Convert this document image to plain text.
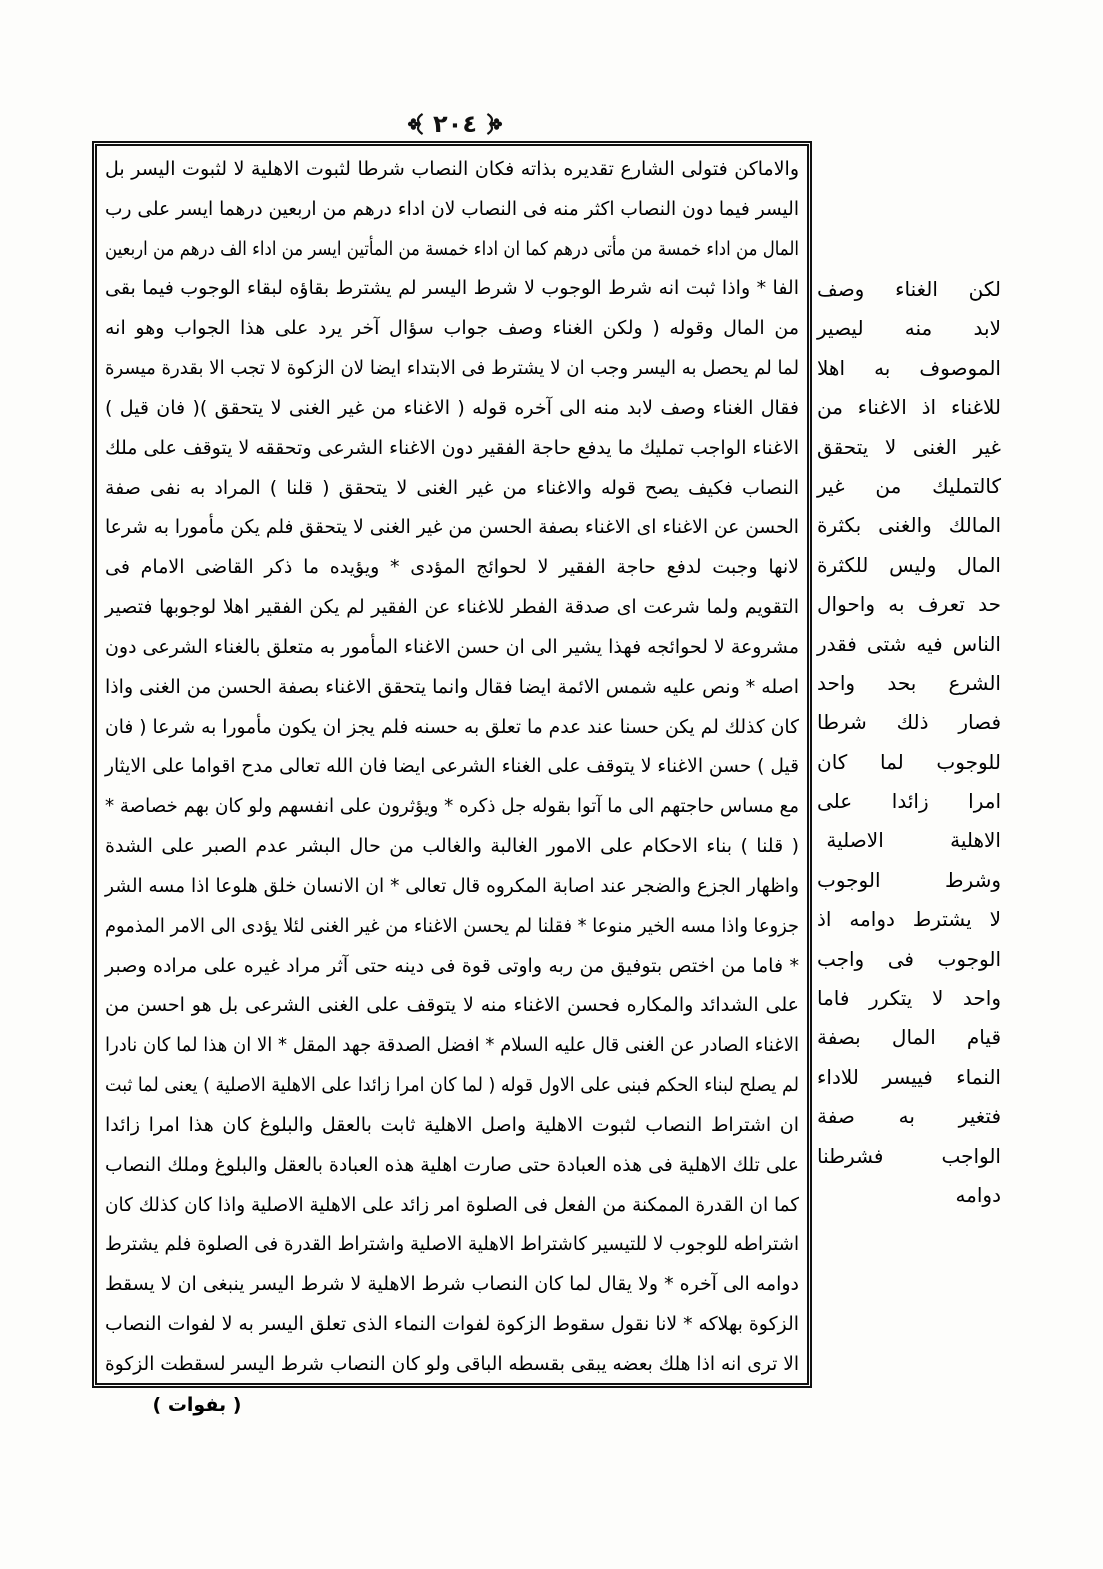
٢٠٤
والاماكن فتولى الشارع تقديره بذاته فكان النصاب شرطا لثبوت الاهلية لا لثبوت اليسر بل
اليسر فيما دون النصاب اكثر منه فى النصاب لان اداء درهم من اربعين درهما ايسر على رب
المال من اداء خمسة من مأتى درهم كما ان اداء خمسة من المأتين ايسر من اداء الف درهم من اربعين
الفا * واذا ثبت انه شرط الوجوب لا شرط اليسر لم يشترط بقاؤه لبقاء الوجوب فيما بقى
من المال وقوله ( ولكن الغناء وصف جواب سؤال آخر يرد على هذا الجواب وهو انه
لما لم يحصل به اليسر وجب ان لا يشترط فى الابتداء ايضا لان الزكوة لا تجب الا بقدرة ميسرة
فقال الغناء وصف لابد منه الى آخره قوله ( الاغناء من غير الغنى لا يتحقق )( فان قيل )
الاغناء الواجب تمليك ما يدفع حاجة الفقير دون الاغناء الشرعى وتحققه لا يتوقف على ملك
النصاب فكيف يصح قوله والاغناء من غير الغنى لا يتحقق ( قلنا ) المراد به نفى صفة
الحسن عن الاغناء اى الاغناء بصفة الحسن من غير الغنى لا يتحقق فلم يكن مأمورا به شرعا
لانها وجبت لدفع حاجة الفقير لا لحوائج المؤدى * ويؤيده ما ذكر القاضى الامام فى
التقويم ولما شرعت اى صدقة الفطر للاغناء عن الفقير لم يكن الفقير اهلا لوجوبها فتصير
مشروعة لا لحوائجه فهذا يشير الى ان حسن الاغناء المأمور به متعلق بالغناء الشرعى دون
اصله * ونص عليه شمس الائمة ايضا فقال وانما يتحقق الاغناء بصفة الحسن من الغنى واذا
كان كذلك لم يكن حسنا عند عدم ما تعلق به حسنه فلم يجز ان يكون مأمورا به شرعا ( فان
قيل ) حسن الاغناء لا يتوقف على الغناء الشرعى ايضا فان الله تعالى مدح اقواما على الايثار
مع مساس حاجتهم الى ما آتوا بقوله جل ذكره * ويؤثرون على انفسهم ولو كان بهم خصاصة *
( قلنا ) بناء الاحكام على الامور الغالبة والغالب من حال البشر عدم الصبر على الشدة
واظهار الجزع والضجر عند اصابة المكروه قال تعالى * ان الانسان خلق هلوعا اذا مسه الشر
جزوعا واذا مسه الخير منوعا * فقلنا لم يحسن الاغناء من غير الغنى لئلا يؤدى الى الامر المذموم
* فاما من اختص بتوفيق من ربه واوتى قوة فى دينه حتى آثر مراد غيره على مراده وصبر
على الشدائد والمكاره فحسن الاغناء منه لا يتوقف على الغنى الشرعى بل هو احسن من
الاغناء الصادر عن الغنى قال عليه السلام * افضل الصدقة جهد المقل * الا ان هذا لما كان نادرا
لم يصلح لبناء الحكم فبنى على الاول قوله ( لما كان امرا زائدا على الاهلية الاصلية ) يعنى لما ثبت
ان اشتراط النصاب لثبوت الاهلية واصل الاهلية ثابت بالعقل والبلوغ كان هذا امرا زائدا
على تلك الاهلية فى هذه العبادة حتى صارت اهلية هذه العبادة بالعقل والبلوغ وملك النصاب
كما ان القدرة الممكنة من الفعل فى الصلوة امر زائد على الاهلية الاصلية واذا كان كذلك كان
اشتراطه للوجوب لا للتيسير كاشتراط الاهلية الاصلية واشتراط القدرة فى الصلوة فلم يشترط
دوامه الى آخره * ولا يقال لما كان النصاب شرط الاهلية لا شرط اليسر ينبغى ان لا يسقط
الزكوة بهلاكه * لانا نقول سقوط الزكوة لفوات النماء الذى تعلق اليسر به لا لفوات النصاب
الا ترى انه اذا هلك بعضه يبقى بقسطه الباقى ولو كان النصاب شرط اليسر لسقطت الزكوة
لكن الغناء وصف
لابد منه ليصير
الموصوف به اهلا
للاغناء اذ الاغناء من
غير الغنى لا يتحقق
كالتمليك من غير
المالك والغنى بكثرة
المال وليس للكثرة
حد تعرف به واحوال
الناس فيه شتى فقدر
الشرع بحد واحد
فصار ذلك شرطا
للوجوب لما كان
امرا زائدا على
الاهلية الاصلية
وشرط الوجوب
لا يشترط دوامه اذ
الوجوب فى واجب
واحد لا يتكرر فاما
قيام المال بصفة
النماء فييسر للاداء
فتغير به صفة
الواجب فشرطنا
دوامه
( بفوات )
